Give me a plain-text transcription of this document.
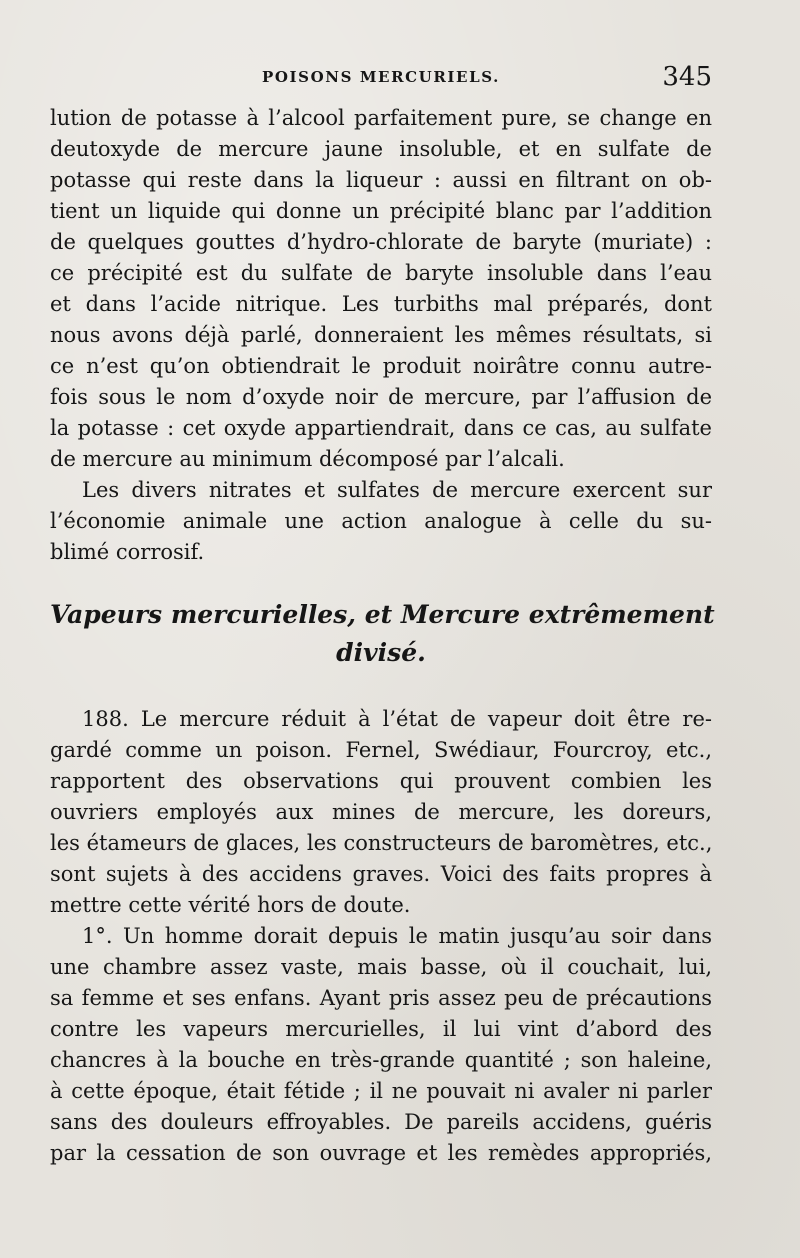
POISONS MERCURIELS.	345
lution de potasse à l’alcool parfaitement pure, se change en
deutoxyde de mercure jaune insoluble, et en sulfate de
potasse qui reste dans la liqueur : aussi en filtrant on ob-
tient un liquide qui donne un précipité blanc par l’addition
de quelques gouttes d’hydro-chlorate de baryte (muriate) :
ce précipité est du sulfate de baryte insoluble dans l’eau
et dans l’acide nitrique. Les turbiths mal préparés, dont
nous avons déjà parlé, donneraient les mêmes résultats, si
ce n’est qu’on obtiendrait le produit noirâtre connu autre-
fois sous le nom d’oxyde noir de mercure, par l’affusion de
la potasse : cet oxyde appartiendrait, dans ce cas, au sulfate
de mercure au minimum décomposé par l’alcali.
Les divers nitrates et sulfates de mercure exercent sur
l’économie animale une action analogue à celle du su-
blimé corrosif.
Vapeurs mercurielles, et Mercure extrêmement
divisé.
188. Le mercure réduit à l’état de vapeur doit être re-
gardé comme un poison. Fernel, Swédiaur, Fourcroy, etc.,
rapportent des observations qui prouvent combien les
ouvriers employés aux mines de mercure, les doreurs,
les étameurs de glaces, les constructeurs de baromètres, etc.,
sont sujets à des accidens graves. Voici des faits propres à
mettre cette vérité hors de doute.
1°. Un homme dorait depuis le matin jusqu’au soir dans
une chambre assez vaste, mais basse, où il couchait, lui,
sa femme et ses enfans. Ayant pris assez peu de précautions
contre les vapeurs mercurielles, il lui vint d’abord des
chancres à la bouche en très-grande quantité ; son haleine,
à cette époque, était fétide ; il ne pouvait ni avaler ni parler
sans des douleurs effroyables. De pareils accidens, guéris
par la cessation de son ouvrage et les remèdes appropriés,
